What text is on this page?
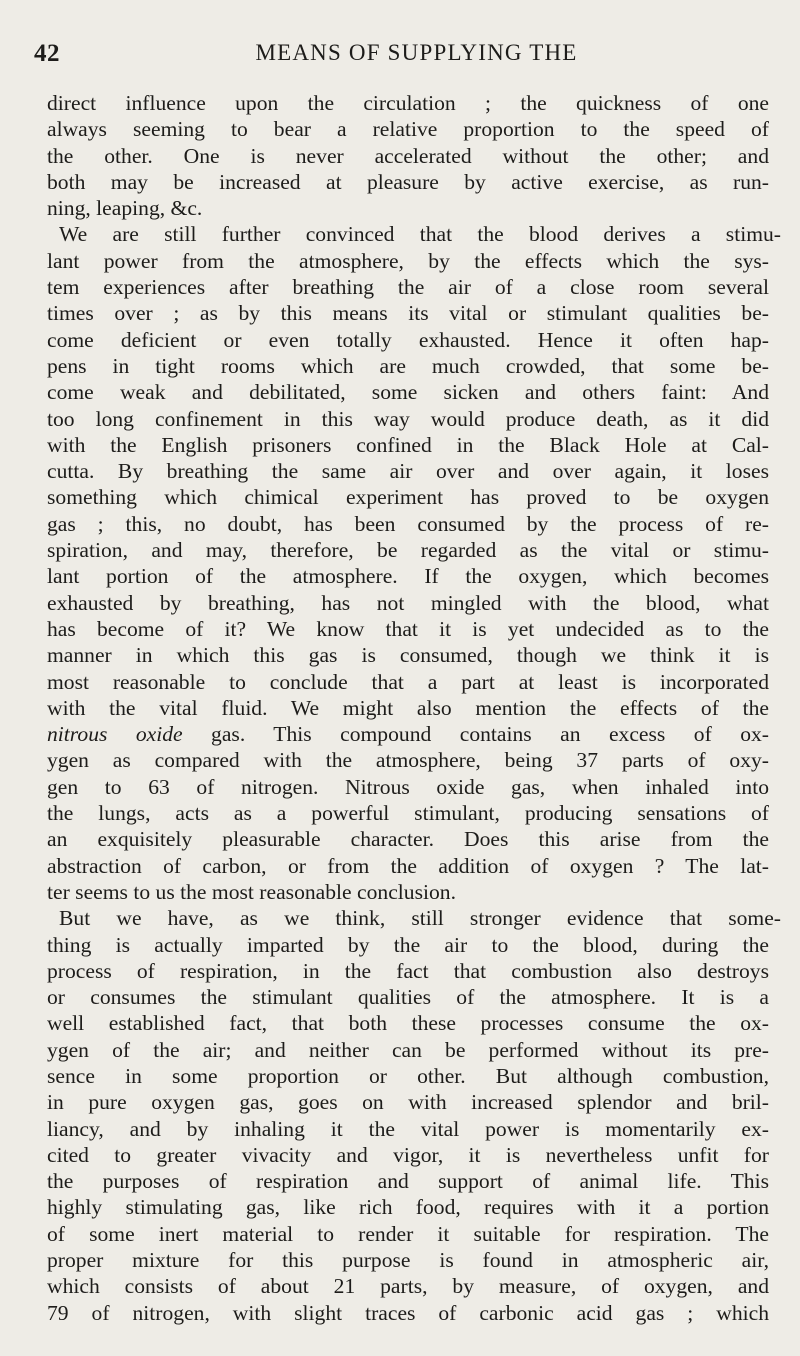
42	MEANS OF SUPPLYING THE
direct influence upon the circulation ; the quickness of one
always seeming to bear a relative proportion to the speed of
the other. One is never accelerated without the other; and
both may be increased at pleasure by active exercise, as run-
ning, leaping, &c.
We are still further convinced that the blood derives a stimu-
lant power from the atmosphere, by the effects which the sys-
tem experiences after breathing the air of a close room several
times over ; as by this means its vital or stimulant qualities be-
come deficient or even totally exhausted. Hence it often hap-
pens in tight rooms which are much crowded, that some be-
come weak and debilitated, some sicken and others faint: And
too long confinement in this way would produce death, as it did
with the English prisoners confined in the Black Hole at Cal-
cutta. By breathing the same air over and over again, it loses
something which chimical experiment has proved to be oxygen
gas ; this, no doubt, has been consumed by the process of re-
spiration, and may, therefore, be regarded as the vital or stimu-
lant portion of the atmosphere. If the oxygen, which becomes
exhausted by breathing, has not mingled with the blood, what
has become of it? We know that it is yet undecided as to the
manner in which this gas is consumed, though we think it is
most reasonable to conclude that a part at least is incorporated
with the vital fluid. We might also mention the effects of the
nitrous oxide gas. This compound contains an excess of ox-
ygen as compared with the atmosphere, being 37 parts of oxy-
gen to 63 of nitrogen. Nitrous oxide gas, when inhaled into
the lungs, acts as a powerful stimulant, producing sensations of
an exquisitely pleasurable character. Does this arise from the
abstraction of carbon, or from the addition of oxygen ? The lat-
ter seems to us the most reasonable conclusion.
But we have, as we think, still stronger evidence that some-
thing is actually imparted by the air to the blood, during the
process of respiration, in the fact that combustion also destroys
or consumes the stimulant qualities of the atmosphere. It is a
well established fact, that both these processes consume the ox-
ygen of the air; and neither can be performed without its pre-
sence in some proportion or other. But although combustion,
in pure oxygen gas, goes on with increased splendor and bril-
liancy, and by inhaling it the vital power is momentarily ex-
cited to greater vivacity and vigor, it is nevertheless unfit for
the purposes of respiration and support of animal life. This
highly stimulating gas, like rich food, requires with it a portion
of some inert material to render it suitable for respiration. The
proper mixture for this purpose is found in atmospheric air,
which consists of about 21 parts, by measure, of oxygen, and
79 of nitrogen, with slight traces of carbonic acid gas ; which
